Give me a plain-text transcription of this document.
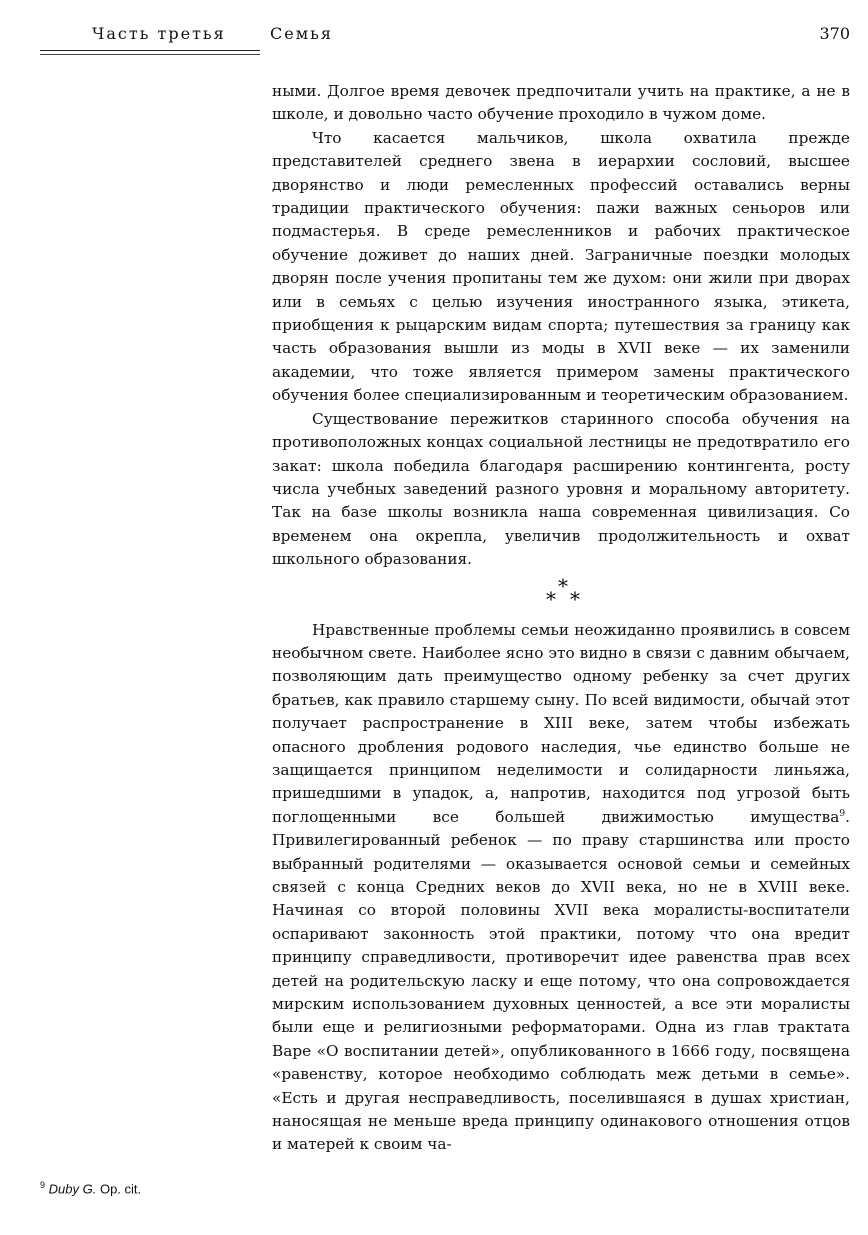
Часть третья	Семья	370

ными. Долгое время девочек предпочитали учить на практике, а не в школе, и довольно часто обучение проходило в чужом доме.

Что касается мальчиков, школа охватила прежде представителей среднего звена в иерархии сословий, высшее дворянство и люди ремесленных профессий оставались верны традиции практического обучения: пажи важных сеньоров или подмастерья. В среде ремесленников и рабочих практическое обучение доживет до наших дней. Заграничные поездки молодых дворян после учения пропитаны тем же духом: они жили при дворах или в семьях с целью изучения иностранного языка, этикета, приобщения к рыцарским видам спорта; путешествия за границу как часть образования вышли из моды в XVII веке — их заменили академии, что тоже является примером замены практического обучения более специализированным и теоретическим образованием.

Существование пережитков старинного способа обучения на противоположных концах социальной лестницы не предотвратило его закат: школа победила благодаря расширению контингента, росту числа учебных заведений разного уровня и моральному авторитету. Так на базе школы возникла наша современная цивилизация. Со временем она окрепла, увеличив продолжительность и охват школьного образования.

*
* *

Нравственные проблемы семьи неожиданно проявились в совсем необычном свете. Наиболее ясно это видно в связи с давним обычаем, позволяющим дать преимущество одному ребенку за счет других братьев, как правило старшему сыну. По всей видимости, обычай этот получает распространение в XIII веке, затем чтобы избежать опасного дробления родового наследия, чье единство больше не защищается принципом неделимости и солидарности линьяжа, пришедшими в упадок, а, напротив, находится под угрозой быть поглощенными все большей движимостью имущества$^9$. Привилегированный ребенок — по праву старшинства или просто выбранный родителями — оказывается основой семьи и семейных связей с конца Средних веков до XVII века, но не в XVIII веке. Начиная со второй половины XVII века моралисты-воспитатели оспаривают законность этой практики, потому что она вредит принципу справедливости, противоречит идее равенства прав всех детей на родительскую ласку и еще потому, что она сопровождается мирским использованием духовных ценностей, а все эти моралисты были еще и религиозными реформаторами. Одна из глав трактата Варе «О воспитании детей», опубликованного в 1666 году, посвящена «равенству, которое необходимо соблюдать меж детьми в семье». «Есть и другая несправедливость, поселившаяся в душах христиан, наносящая не меньше вреда принципу одинакового отношения отцов и матерей к своим ча-

$^9$ Duby G. Op. cit.
